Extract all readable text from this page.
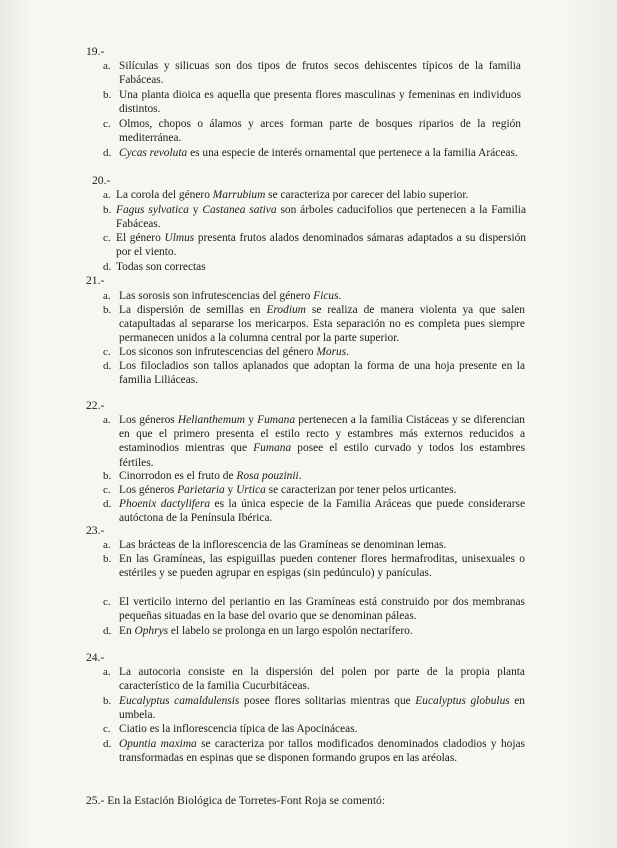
19.-
a. Silículas y silicuas son dos tipos de frutos secos dehiscentes típicos de la familia Fabáceas.
b. Una planta dioica es aquella que presenta flores masculinas y femeninas en individuos distintos.
c. Olmos, chopos o álamos y arces forman parte de bosques riparios de la región mediterránea.
d. Cycas revoluta es una especie de interés ornamental que pertenece a la familia Aráceas.
20.-
a. La corola del género Marrubium se caracteriza por carecer del labio superior.
b. Fagus sylvatica y Castanea sativa son árboles caducifolios que pertenecen a la Familia Fabáceas.
c. El género Ulmus presenta frutos alados denominados sámaras adaptados a su dispersión por el viento.
d. Todas son correctas
21.-
a. Las sorosis son infrutescencias del género Ficus.
b. La dispersión de semillas en Erodium se realiza de manera violenta ya que salen catapultadas al separarse los mericarpos. Esta separación no es completa pues siempre permanecen unidos a la columna central por la parte superior.
c. Los siconos son infrutescencias del género Morus.
d. Los filocladios son tallos aplanados que adoptan la forma de una hoja presente en la familia Liliáceas.
22.-
a. Los géneros Helianthemum y Fumana pertenecen a la familia Cistáceas y se diferencian en que el primero presenta el estilo recto y estambres más externos reducidos a estaminodios mientras que Fumana posee el estilo curvado y todos los estambres fértiles.
b. Cinorrodon es el fruto de Rosa pouzinii.
c. Los géneros Parietaria y Urtica se caracterizan por tener pelos urticantes.
d. Phoenix dactylifera es la única especie de la Familia Aráceas que puede considerarse autóctona de la Península Ibérica.
23.-
a. Las brácteas de la inflorescencia de las Gramíneas se denominan lemas.
b. En las Gramíneas, las espiguillas pueden contener flores hermafroditas, unisexuales o estériles y se pueden agrupar en espigas (sin pedúnculo) y panículas.
c. El verticilo interno del periantio en las Gramíneas está construido por dos membranas pequeñas situadas en la base del ovario que se denominan páleas.
d. En Ophrys el labelo se prolonga en un largo espolón nectarífero.
24.-
a. La autocoria consiste en la dispersión del polen por parte de la propia planta característico de la familia Cucurbitáceas.
b. Eucalyptus camaldulensis posee flores solitarias mientras que Eucalyptus globulus en umbela.
c. Ciatio es la inflorescencia típica de las Apocináceas.
d. Opuntia maxima se caracteriza por tallos modificados denominados cladodios y hojas transformadas en espinas que se disponen formando grupos en las aréolas.
25.- En la Estación Biológica de Torretes-Font Roja se comentó:
